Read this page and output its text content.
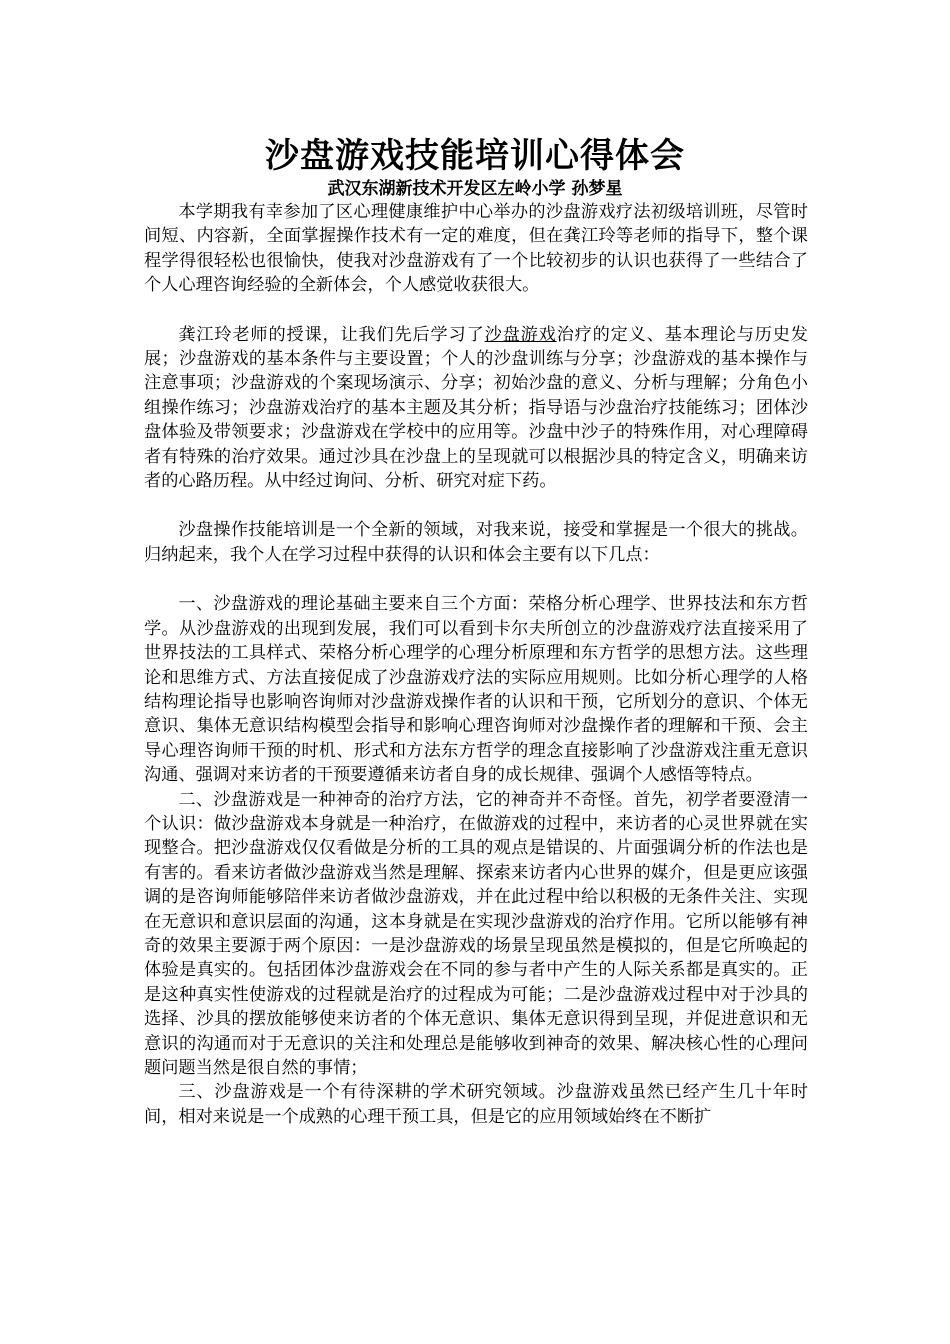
沙盘游戏技能培训心得体会
武汉东湖新技术开发区左岭小学 孙梦星

本学期我有幸参加了区心理健康维护中心举办的沙盘游戏疗法初级培训班，尽管时间短、内容新，全面掌握操作技术有一定的难度，但在龚江玲等老师的指导下，整个课程学得很轻松也很愉快，使我对沙盘游戏有了一个比较初步的认识也获得了一些结合了个人心理咨询经验的全新体会，个人感觉收获很大。

龚江玲老师的授课，让我们先后学习了沙盘游戏治疗的定义、基本理论与历史发展；沙盘游戏的基本条件与主要设置；个人的沙盘训练与分享；沙盘游戏的基本操作与注意事项；沙盘游戏的个案现场演示、分享；初始沙盘的意义、分析与理解；分角色小组操作练习；沙盘游戏治疗的基本主题及其分析；指导语与沙盘治疗技能练习；团体沙盘体验及带领要求；沙盘游戏在学校中的应用等。沙盘中沙子的特殊作用，对心理障碍者有特殊的治疗效果。通过沙具在沙盘上的呈现就可以根据沙具的特定含义，明确来访者的心路历程。从中经过询问、分析、研究对症下药。

沙盘操作技能培训是一个全新的领域，对我来说，接受和掌握是一个很大的挑战。归纳起来，我个人在学习过程中获得的认识和体会主要有以下几点：

一、沙盘游戏的理论基础主要来自三个方面：荣格分析心理学、世界技法和东方哲学。从沙盘游戏的出现到发展，我们可以看到卡尔夫所创立的沙盘游戏疗法直接采用了世界技法的工具样式、荣格分析心理学的心理分析原理和东方哲学的思想方法。这些理论和思维方式、方法直接促成了沙盘游戏疗法的实际应用规则。比如分析心理学的人格结构理论指导也影响咨询师对沙盘游戏操作者的认识和干预，它所划分的意识、个体无意识、集体无意识结构模型会指导和影响心理咨询师对沙盘操作者的理解和干预、会主导心理咨询师干预的时机、形式和方法东方哲学的理念直接影响了沙盘游戏注重无意识沟通、强调对来访者的干预要遵循来访者自身的成长规律、强调个人感悟等特点。

二、沙盘游戏是一种神奇的治疗方法，它的神奇并不奇怪。首先，初学者要澄清一个认识：做沙盘游戏本身就是一种治疗，在做游戏的过程中，来访者的心灵世界就在实现整合。把沙盘游戏仅仅看做是分析的工具的观点是错误的、片面强调分析的作法也是有害的。看来访者做沙盘游戏当然是理解、探索来访者内心世界的媒介，但是更应该强调的是咨询师能够陪伴来访者做沙盘游戏，并在此过程中给以积极的无条件关注、实现在无意识和意识层面的沟通，这本身就是在实现沙盘游戏的治疗作用。它所以能够有神奇的效果主要源于两个原因：一是沙盘游戏的场景呈现虽然是模拟的，但是它所唤起的体验是真实的。包括团体沙盘游戏会在不同的参与者中产生的人际关系都是真实的。正是这种真实性使游戏的过程就是治疗的过程成为可能；二是沙盘游戏过程中对于沙具的选择、沙具的摆放能够使来访者的个体无意识、集体无意识得到呈现，并促进意识和无意识的沟通而对于无意识的关注和处理总是能够收到神奇的效果、解决核心性的心理问题问题当然是很自然的事情；

三、沙盘游戏是一个有待深耕的学术研究领域。沙盘游戏虽然已经产生几十年时间，相对来说是一个成熟的心理干预工具，但是它的应用领域始终在不断扩
